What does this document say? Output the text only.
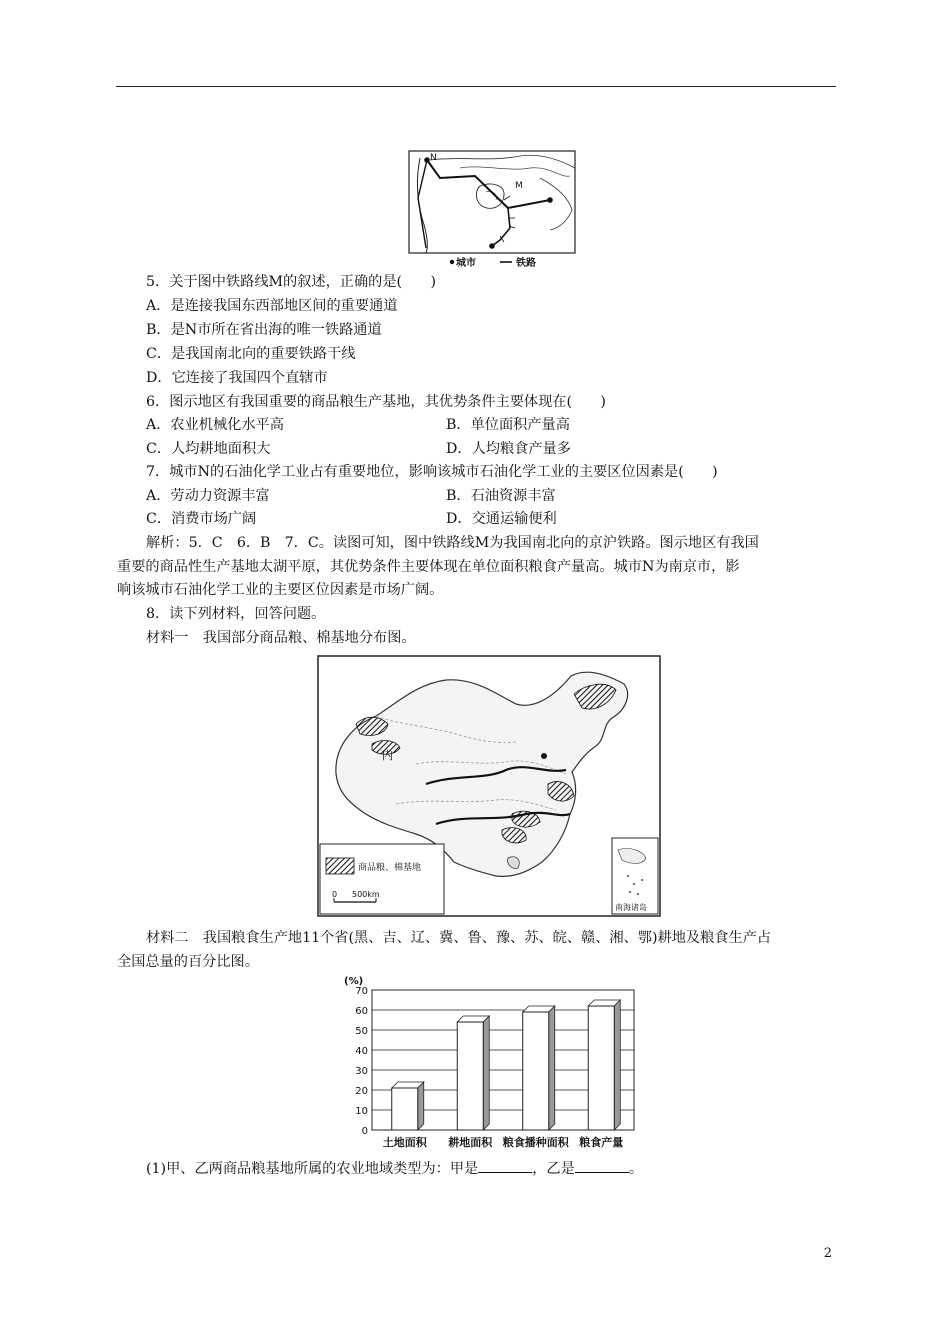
N
M
城市	铁路
5．关于图中铁路线M的叙述，正确的是(　　)
A．是连接我国东西部地区间的重要通道
B．是N市所在省出海的唯一铁路通道
C．是我国南北向的重要铁路干线
D．它连接了我国四个直辖市
6．图示地区有我国重要的商品粮生产基地，其优势条件主要体现在(　　)
A．农业机械化水平高	B．单位面积产量高
C．人均耕地面积大	D．人均粮食产量多
7．城市N的石油化学工业占有重要地位，影响该城市石油化学工业的主要区位因素是(　　)
A．劳动力资源丰富	B．石油资源丰富
C．消费市场广阔	D．交通运输便利
解析：5．C　6．B　7．C。读图可知，图中铁路线M为我国南北向的京沪铁路。图示地区有我国
重要的商品性生产基地太湖平原，其优势条件主要体现在单位面积粮食产量高。城市N为南京市，影
响该城市石油化学工业的主要区位因素是市场广阔。
8．读下列材料，回答问题。
材料一　我国部分商品粮、棉基地分布图。
内
商品粮、棉基地
0 500km
南海诸岛
材料二　我国粮食生产地11个省(黑、吉、辽、冀、鲁、豫、苏、皖、赣、湘、鄂)耕地及粮食生产占
全国总量的百分比图。
(%)
0
10
20
30
40
50
60
70
土地面积 耕地面积 粮食播种面积 粮食产量
(1)甲、乙两商品粮基地所属的农业地域类型为：甲是	，乙是	。
2
